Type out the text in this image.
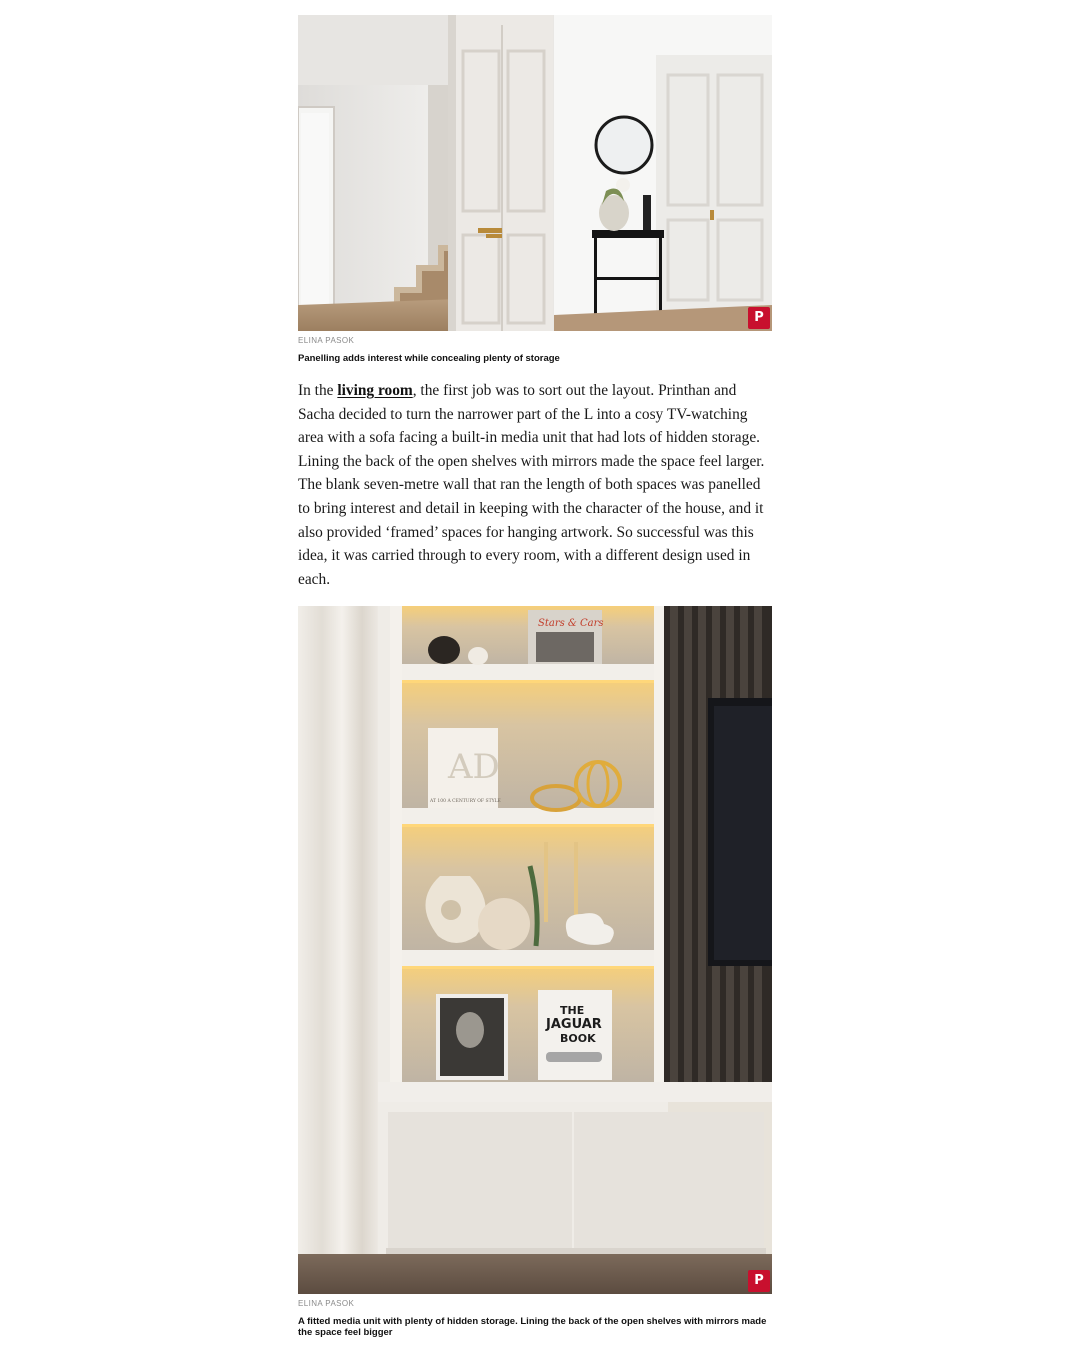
P
ELINA PASOK
Panelling adds interest while concealing plenty of storage

In the living room, the first job was to sort out the layout. Printhan and Sacha decided to turn the narrower part of the L into a cosy TV-watching area with a sofa facing a built-in media unit that had lots of hidden storage. Lining the back of the open shelves with mirrors made the space feel larger. The blank seven-metre wall that ran the length of both spaces was panelled to bring interest and detail in keeping with the character of the house, and it also provided ‘framed’ spaces for hanging artwork. So successful was this idea, it was carried through to every room, with a different design used in each.

Stars & Cars
AD
AT 100 A CENTURY OF STYLE
THE
JAGUAR
BOOK
P
ELINA PASOK
A fitted media unit with plenty of hidden storage. Lining the back of the open shelves with mirrors made the space feel bigger
